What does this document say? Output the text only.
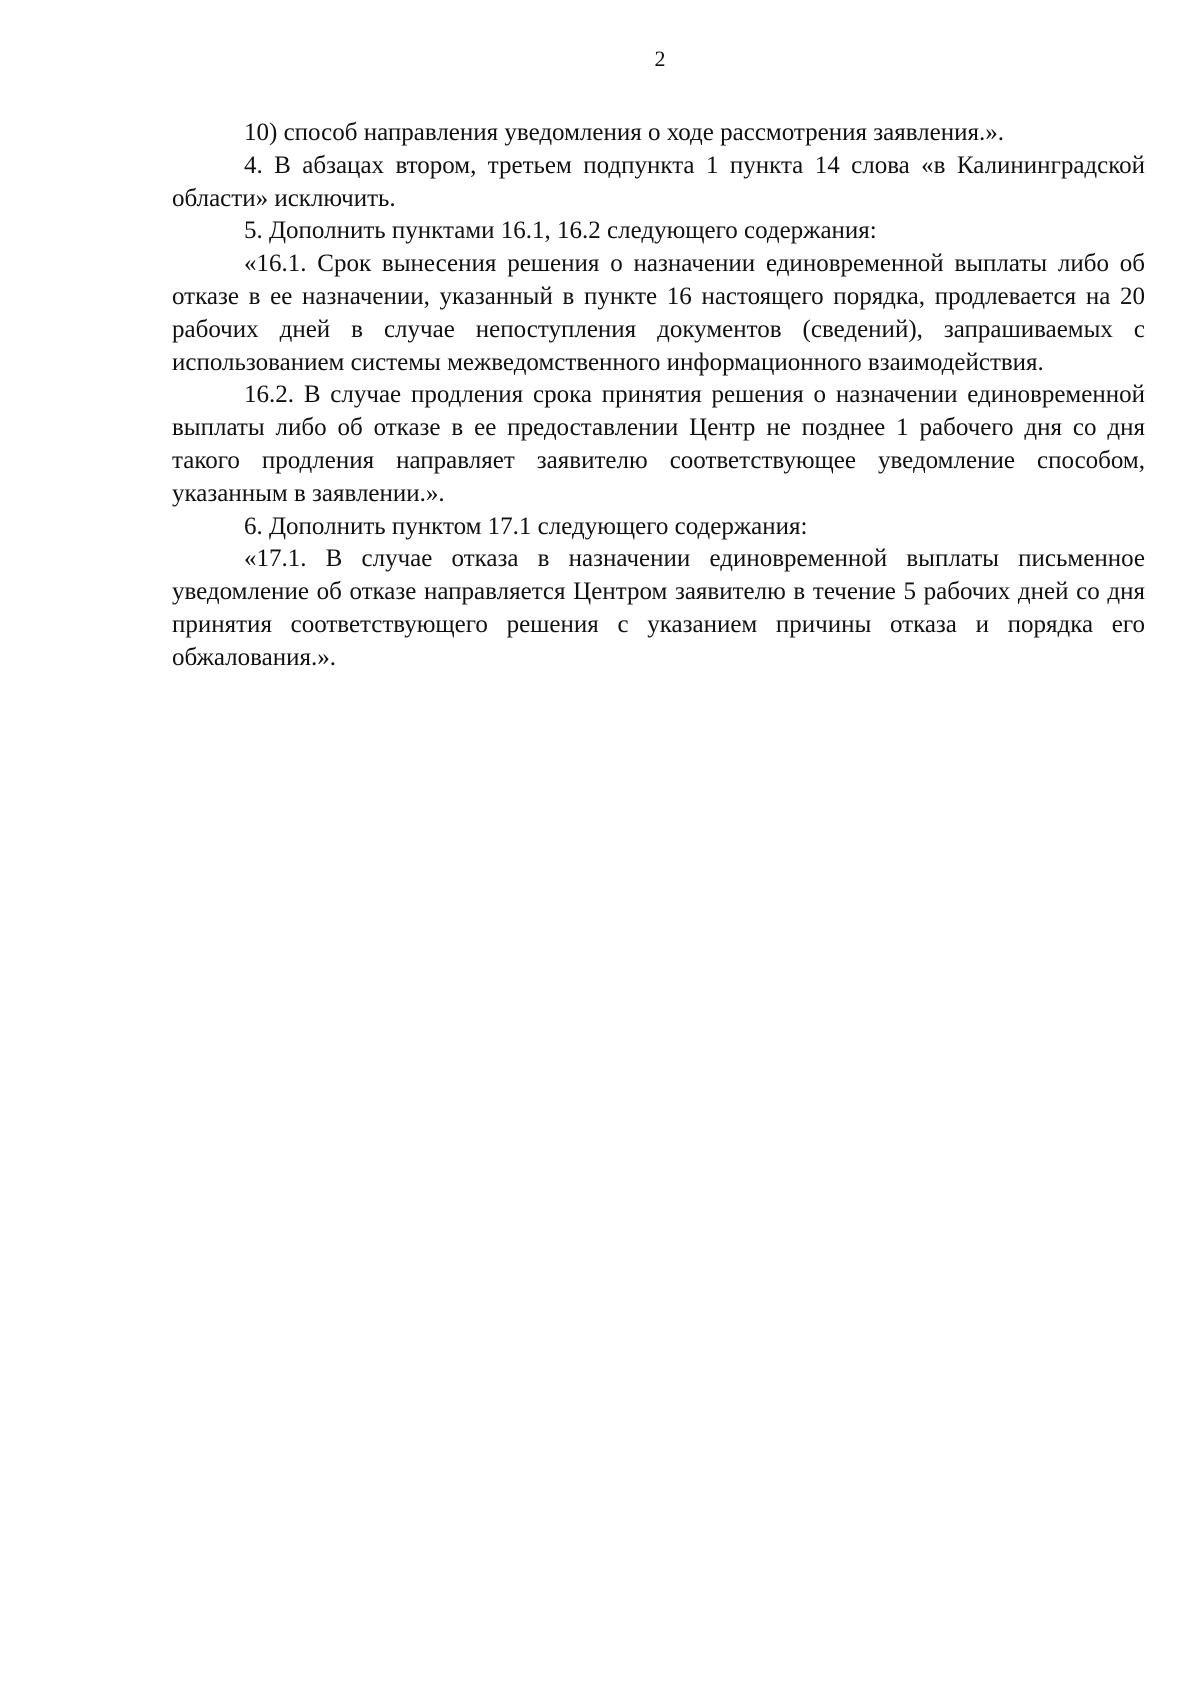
2

10) способ направления уведомления о ходе рассмотрения заявления.».

4. В абзацах втором, третьем подпункта 1 пункта 14 слова «в Калининградской области» исключить.

5. Дополнить пунктами 16.1, 16.2 следующего содержания:

«16.1. Срок вынесения решения о назначении единовременной выплаты либо об отказе в ее назначении, указанный в пункте 16 настоящего порядка, продлевается на 20 рабочих дней в случае непоступления документов (сведений), запрашиваемых с использованием системы межведомственного информационного взаимодействия.

16.2. В случае продления срока принятия решения о назначении единовременной выплаты либо об отказе в ее предоставлении Центр не позднее 1 рабочего дня со дня такого продления направляет заявителю соответствующее уведомление способом, указанным в заявлении.».

6. Дополнить пунктом 17.1 следующего содержания:

«17.1. В случае отказа в назначении единовременной выплаты письменное уведомление об отказе направляется Центром заявителю в течение 5 рабочих дней со дня принятия соответствующего решения с указанием причины отказа и порядка его обжалования.».
